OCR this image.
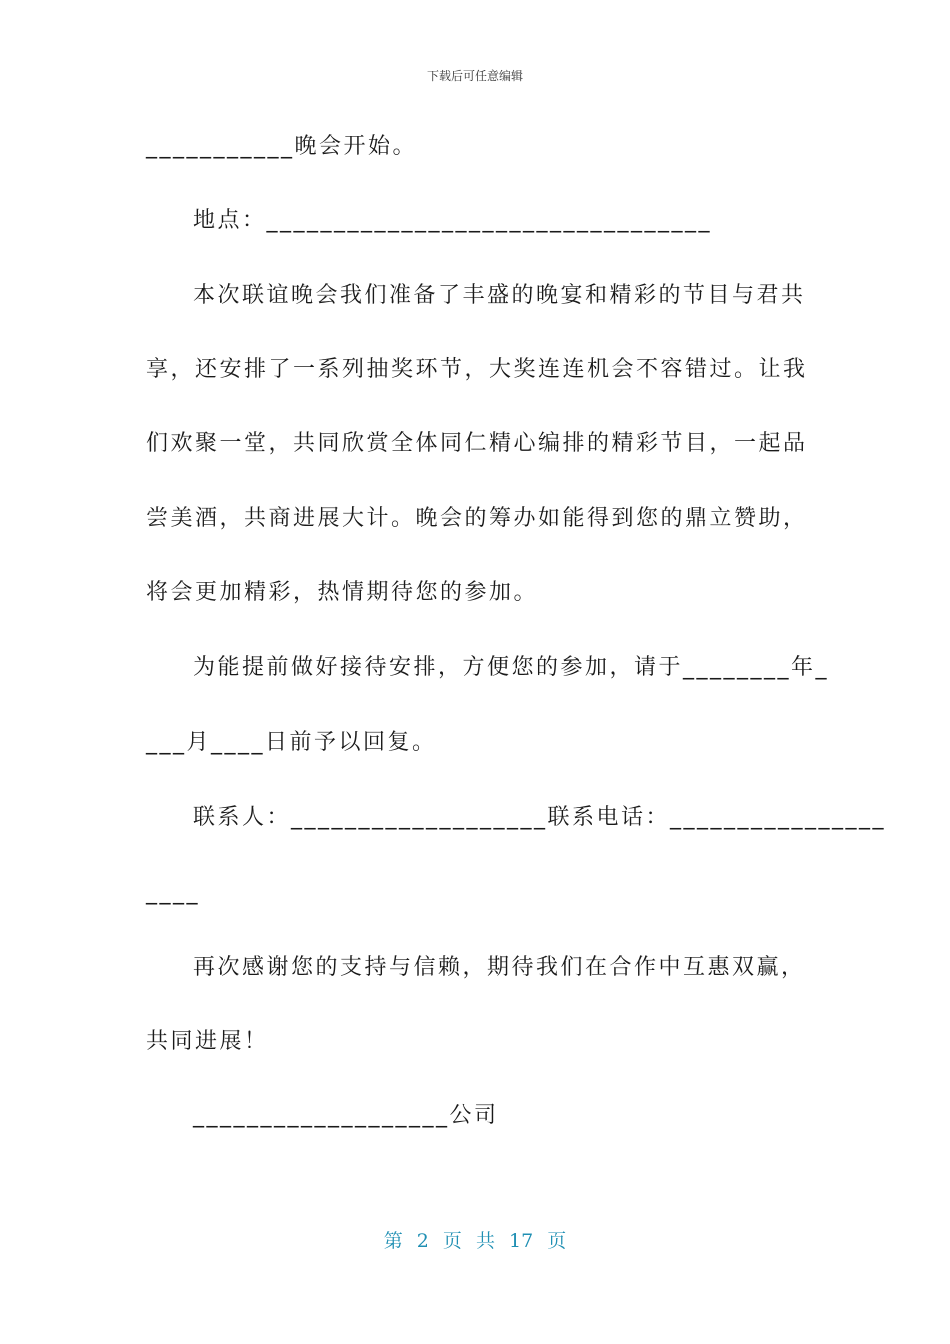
下载后可任意编辑
___________晚会开始。
地点：_________________________________
本次联谊晚会我们准备了丰盛的晚宴和精彩的节目与君共
享，还安排了一系列抽奖环节，大奖连连机会不容错过。让我
们欢聚一堂，共同欣赏全体同仁精心编排的精彩节目，一起品
尝美酒，共商进展大计。晚会的筹办如能得到您的鼎立赞助，
将会更加精彩，热情期待您的参加。
为能提前做好接待安排，方便您的参加，请于________年_
___月____日前予以回复。
联系人：___________________联系电话：________________
____
再次感谢您的支持与信赖，期待我们在合作中互惠双赢，
共同进展！
___________________公司
第 2 页 共 17 页
